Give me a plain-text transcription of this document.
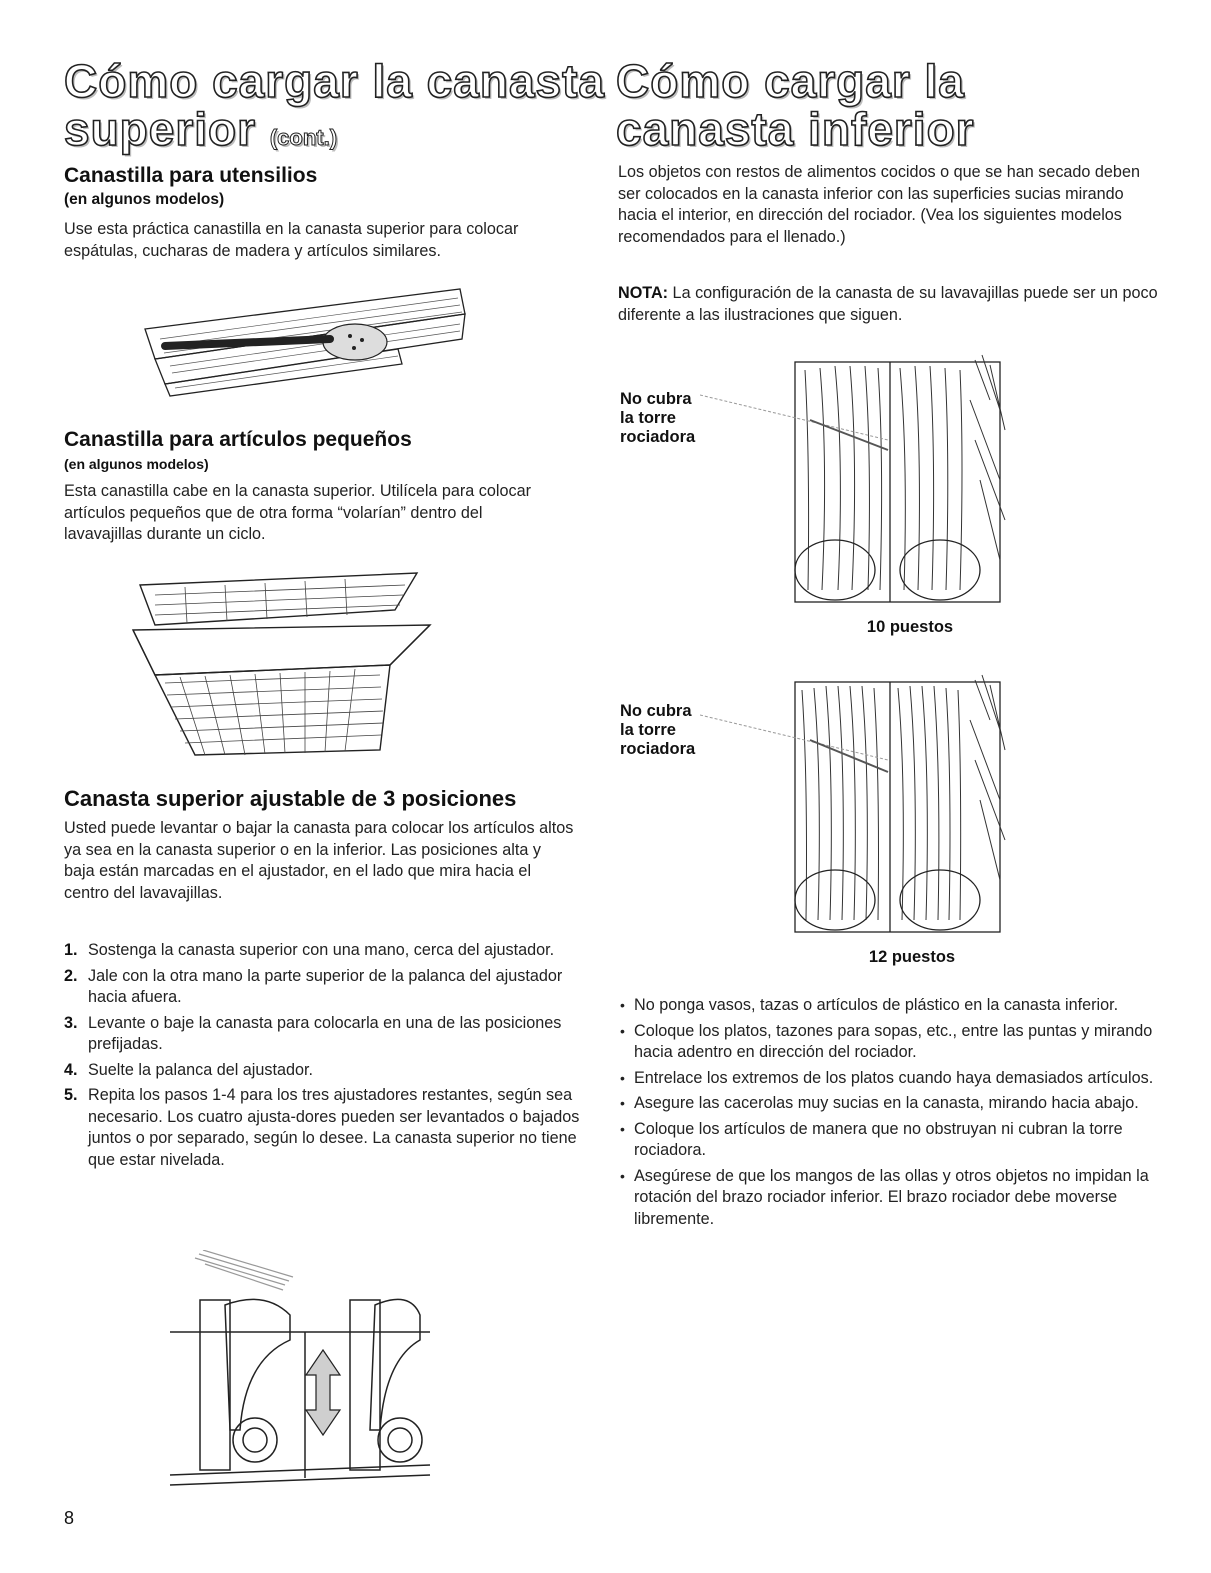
Cómo cargar la canasta
superior (cont.)
Canastilla para utensilios
(en algunos modelos)

Use esta práctica canastilla en la canasta superior para colocar espátulas, cucharas de madera y artículos similares.

Canastilla para artículos pequeños
(en algunos modelos)

Esta canastilla cabe en la canasta superior. Utilícela para colocar artículos pequeños que de otra forma “volarían” dentro del lavavajillas durante un ciclo.

Canasta superior ajustable de 3 posiciones

Usted puede levantar o bajar la canasta para colocar los artículos altos ya sea en la canasta superior o en la inferior. Las posiciones alta y baja están marcadas en el ajustador, en el lado que mira hacia el centro del lavavajillas.

1. Sostenga la canasta superior con una mano, cerca del ajustador.
2. Jale con la otra mano la parte superior de la palanca del ajustador hacia afuera.
3. Levante o baje la canasta para colocarla en una de las posiciones prefijadas.
4. Suelte la palanca del ajustador.
5. Repita los pasos 1-4 para los tres ajustadores restantes, según sea necesario. Los cuatro ajusta-dores pueden ser levantados o bajados juntos o por separado, según lo desee. La canasta superior no tiene que estar nivelada.
8
Cómo cargar la
canasta inferior

Los objetos con restos de alimentos cocidos o que se han secado deben ser colocados en la canasta inferior con las superficies sucias mirando hacia el interior, en dirección del rociador. (Vea los siguientes modelos recomendados para el llenado.)

NOTA: La configuración de la canasta de su lavavajillas puede ser un poco diferente a las ilustraciones que siguen.

No cubra
la torre
rociadora
10 puestos
No cubra
la torre
rociadora
12 puestos
• No ponga vasos, tazas o artículos de plástico en la canasta inferior.
• Coloque los platos, tazones para sopas, etc., entre las puntas y mirando hacia adentro en dirección del rociador.
• Entrelace los extremos de los platos cuando haya demasiados artículos.
• Asegure las cacerolas muy sucias en la canasta, mirando hacia abajo.
• Coloque los artículos de manera que no obstruyan ni cubran la torre rociadora.
• Asegúrese de que los mangos de las ollas y otros objetos no impidan la rotación del brazo rociador inferior. El brazo rociador debe moverse libremente.
